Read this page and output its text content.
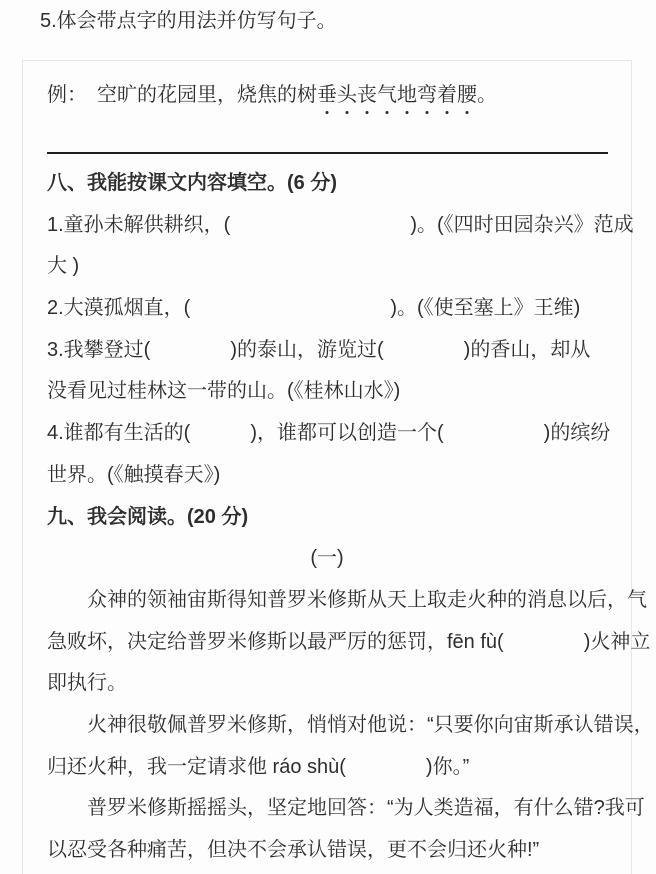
5.体会带点字的用法并仿写句子。
例：　空旷的花园里，烧焦的树垂头丧气地弯着腰。
八、我能按课文内容填空。(6 分)
1.童孙未解供耕织，(　　　　　　　　　)。(《四时田园杂兴》范成
大 )
2.大漠孤烟直，(　　　　　　　　　　)。(《使至塞上》王维)
3.我攀登过(　　　　)的泰山，游览过(　　　　)的香山，却从
没看见过桂林这一带的山。(《桂林山水》)
4.谁都有生活的(　　　)，谁都可以创造一个(　　　　　)的缤纷
世界。(《触摸春天》)
九、我会阅读。(20 分)
(一)
众神的领袖宙斯得知普罗米修斯从天上取走火种的消息以后，气
急败坏，决定给普罗米修斯以最严厉的惩罚，fēn fù(　　　　)火神立
即执行。
火神很敬佩普罗米修斯，悄悄对他说：“只要你向宙斯承认错误，
归还火种，我一定请求他 ráo shù(　　　　)你。”
普罗米修斯摇摇头，坚定地回答：“为人类造福，有什么错?我可
以忍受各种痛苦，但决不会承认错误，更不会归还火种!”
